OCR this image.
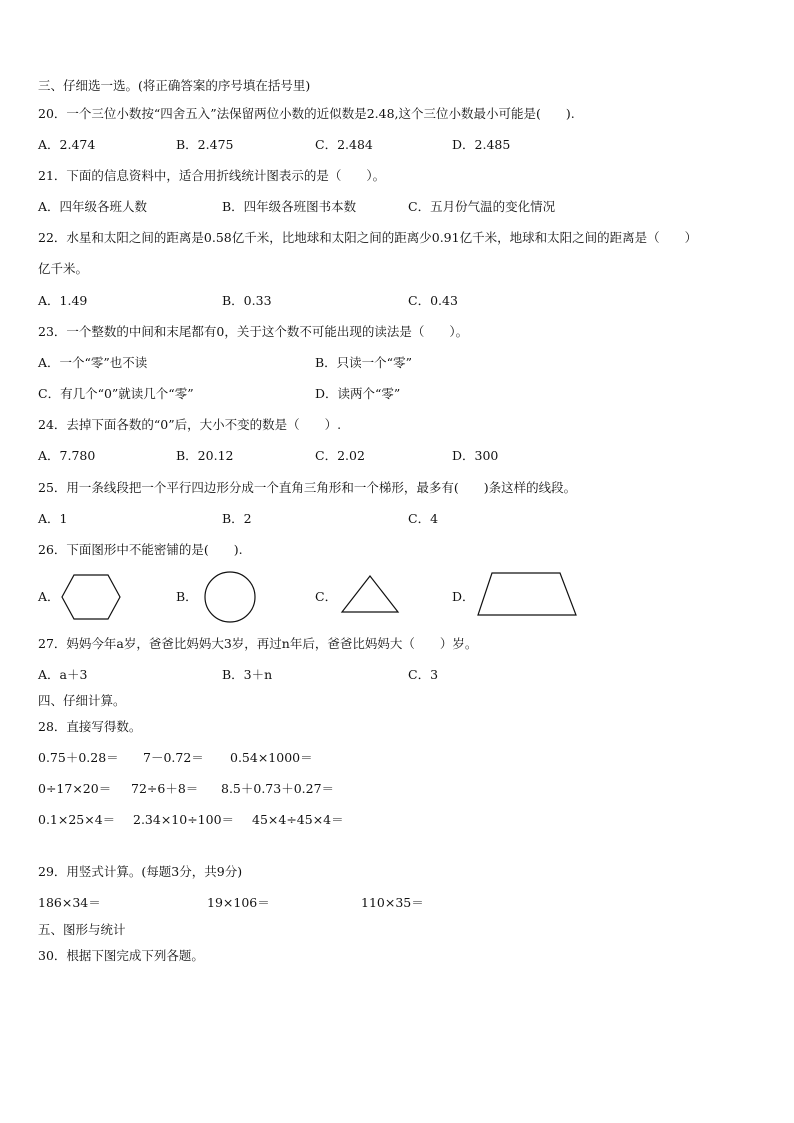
三、仔细选一选。(将正确答案的序号填在括号里)
20．一个三位小数按“四舍五入”法保留两位小数的近似数是2.48,这个三位小数最小可能是(　　).
A．2.474	B．2.475	C．2.484	D．2.485
21．下面的信息资料中，适合用折线统计图表示的是（　　）。
A．四年级各班人数	B．四年级各班图书本数	C．五月份气温的变化情况
22．水星和太阳之间的距离是0.58亿千米，比地球和太阳之间的距离少0.91亿千米，地球和太阳之间的距离是（　　）
亿千米。
A．1.49	B．0.33	C．0.43
23．一个整数的中间和末尾都有0，关于这个数不可能出现的读法是（　　）。
A．一个“零”也不读	B．只读一个“零”
C．有几个“0”就读几个“零”	D．读两个“零”
24．去掉下面各数的“0”后，大小不变的数是（　　）.
A．7.780	B．20.12	C．2.02	D．300
25．用一条线段把一个平行四边形分成一个直角三角形和一个梯形，最多有(　　)条这样的线段。
A．1	B．2	C．4
26．下面图形中不能密铺的是(　　).
A．	B．	C．	D．
27．妈妈今年a岁，爸爸比妈妈大3岁，再过n年后，爸爸比妈妈大（　　）岁。
A．a＋3	B．3＋n	C．3
四、仔细计算。
28．直接写得数。
0.75＋0.28＝ 7－0.72＝ 0.54×1000＝
0÷17×20＝ 72÷6＋8＝ 8.5＋0.73＋0.27＝
0.1×25×4＝ 2.34×10÷100＝ 45×4÷45×4＝
29．用竖式计算。(每题3分，共9分)
186×34＝	19×106＝	110×35＝
五、图形与统计
30．根据下图完成下列各题。
